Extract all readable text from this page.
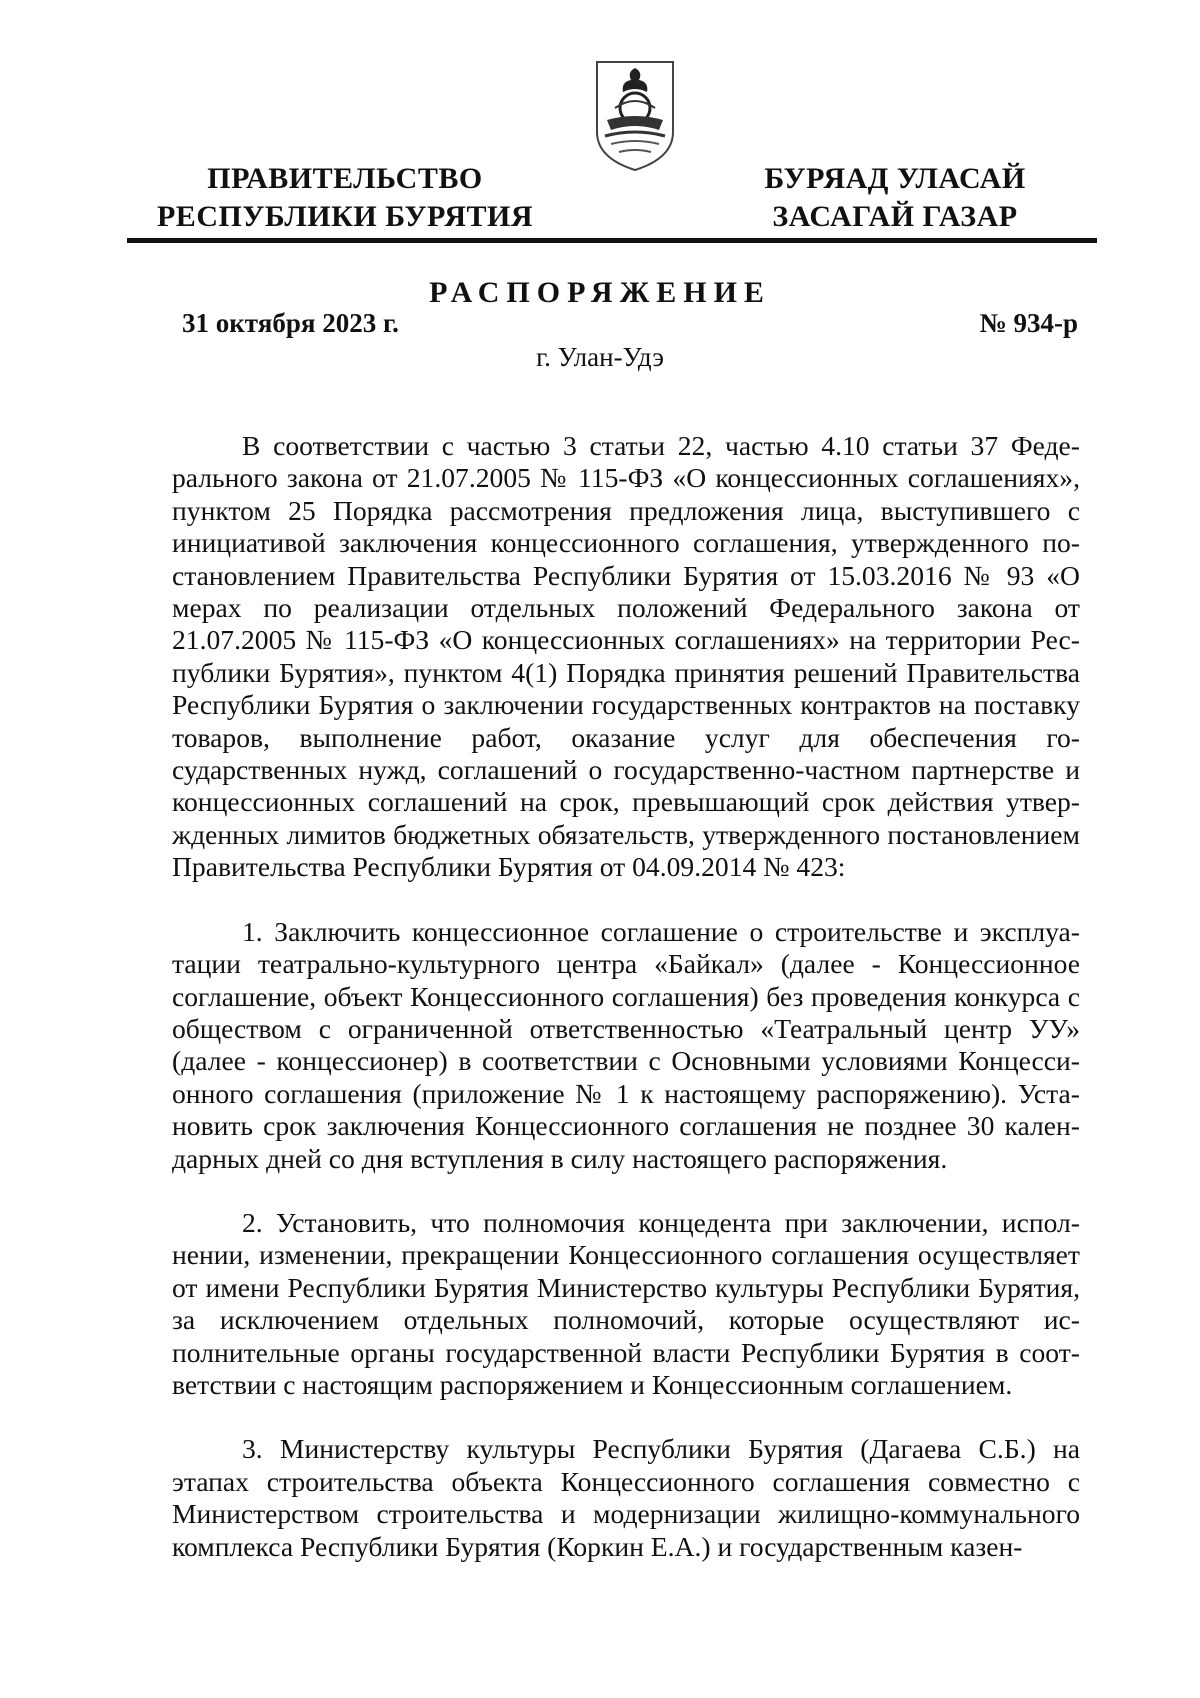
ПРАВИТЕЛЬСТВО
РЕСПУБЛИКИ БУРЯТИЯ
БУРЯАД УЛАСАЙ
ЗАСАГАЙ ГАЗАР
РАСПОРЯЖЕНИЕ
31 октября 2023 г.	№ 934-р
г. Улан-Удэ

В соответствии с частью 3 статьи 22, частью 4.10 статьи 37 Федерального закона от 21.07.2005 № 115-ФЗ «О концессионных соглашениях», пунктом 25 Порядка рассмотрения предложения лица, выступившего с инициативой заключения концессионного соглашения, утвержденного постановлением Правительства Республики Бурятия от 15.03.2016 № 93 «О мерах по реализации отдельных положений Федерального закона от 21.07.2005 № 115-ФЗ «О концессионных соглашениях» на территории Республики Бурятия», пунктом 4(1) Порядка принятия решений Правительства Республики Бурятия о заключении государственных контрактов на поставку товаров, выполнение работ, оказание услуг для обеспечения государственных нужд, соглашений о государственно-частном партнерстве и концессионных соглашений на срок, превышающий срок действия утвержденных лимитов бюджетных обязательств, утвержденного постановлением Правительства Республики Бурятия от 04.09.2014 № 423:

1. Заключить концессионное соглашение о строительстве и эксплуатации театрально-культурного центра «Байкал» (далее - Концессионное соглашение, объект Концессионного соглашения) без проведения конкурса с обществом с ограниченной ответственностью «Театральный центр УУ» (далее - концессионер) в соответствии с Основными условиями Концессионного соглашения (приложение № 1 к настоящему распоряжению). Установить срок заключения Концессионного соглашения не позднее 30 календарных дней со дня вступления в силу настоящего распоряжения.

2. Установить, что полномочия концедента при заключении, исполнении, изменении, прекращении Концессионного соглашения осуществляет от имени Республики Бурятия Министерство культуры Республики Бурятия, за исключением отдельных полномочий, которые осуществляют исполнительные органы государственной власти Республики Бурятия в соответствии с настоящим распоряжением и Концессионным соглашением.

3. Министерству культуры Республики Бурятия (Дагаева С.Б.) на этапах строительства объекта Концессионного соглашения совместно с Министерством строительства и модернизации жилищно-коммунального комплекса Республики Бурятия (Коркин Е.А.) и государственным казен-
